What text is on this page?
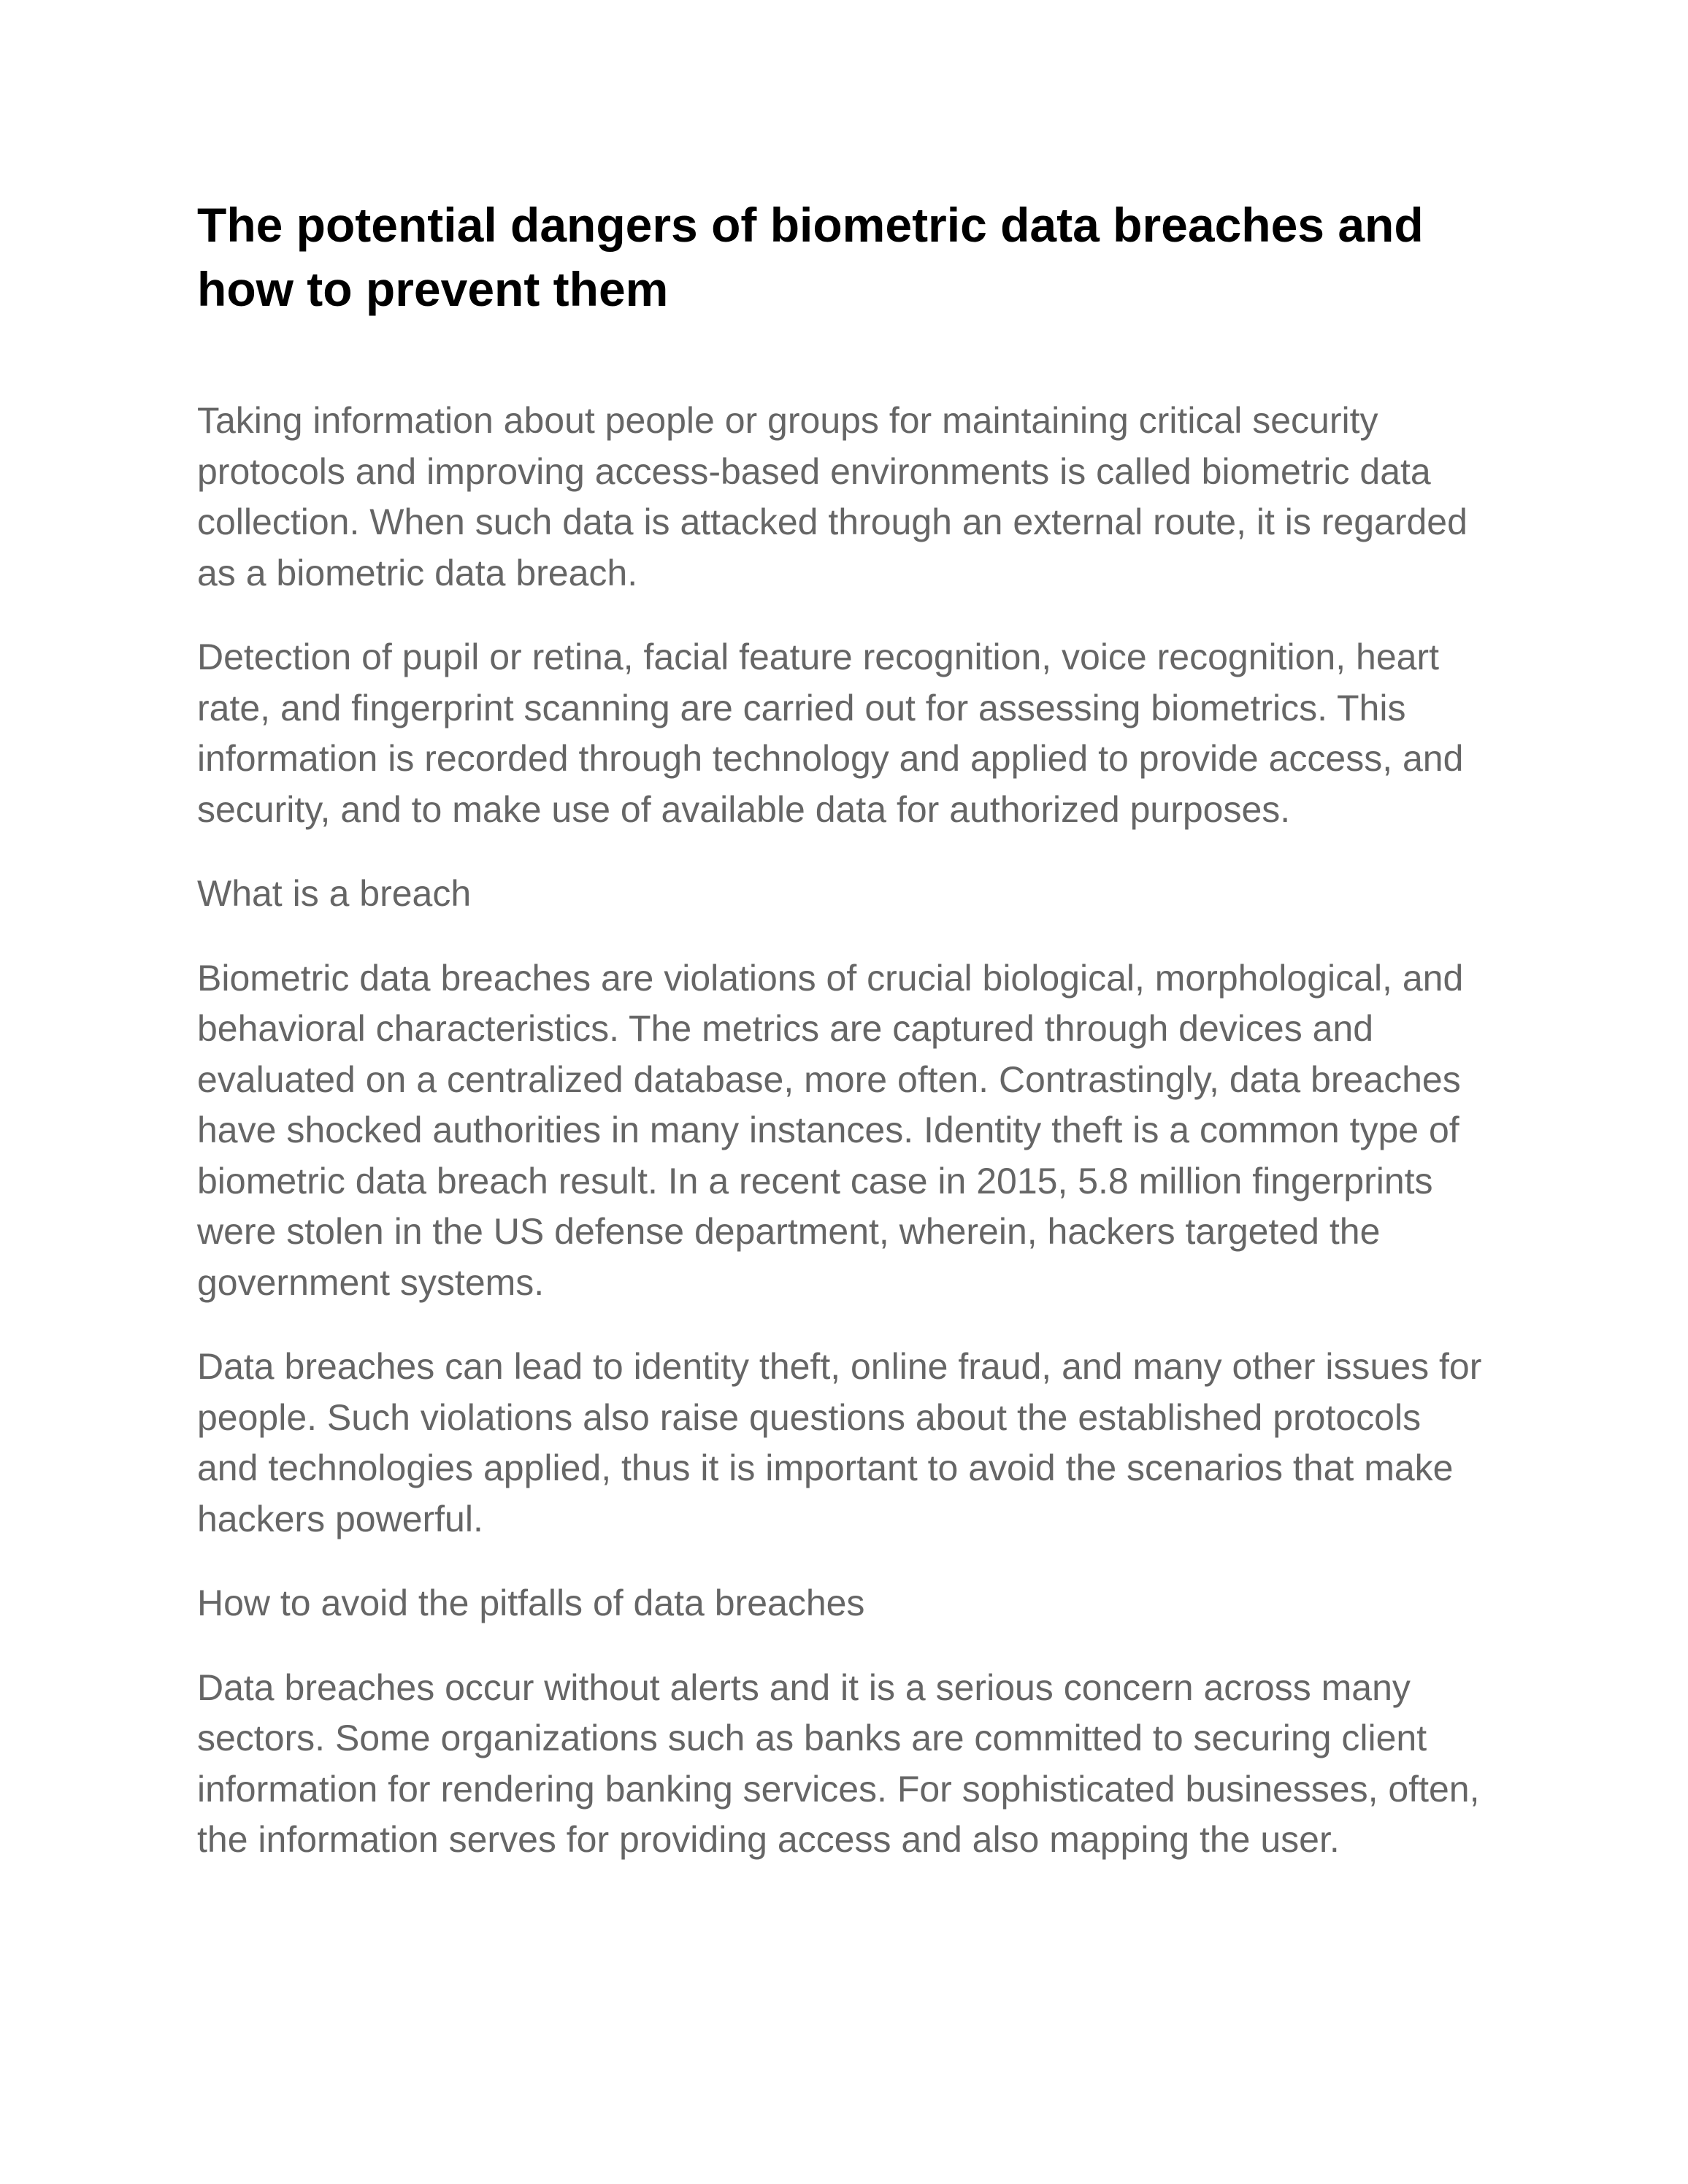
The potential dangers of biometric data breaches and how to prevent them

Taking information about people or groups for maintaining critical security protocols and improving access-based environments is called biometric data collection. When such data is attacked through an external route, it is regarded as a biometric data breach.

Detection of pupil or retina, facial feature recognition, voice recognition, heart rate, and fingerprint scanning are carried out for assessing biometrics. This information is recorded through technology and applied to provide access, and security, and to make use of available data for authorized purposes.

What is a breach

Biometric data breaches are violations of crucial biological, morphological, and behavioral characteristics. The metrics are captured through devices and evaluated on a centralized database, more often. Contrastingly, data breaches have shocked authorities in many instances. Identity theft is a common type of biometric data breach result. In a recent case in 2015, 5.8 million fingerprints were stolen in the US defense department, wherein, hackers targeted the government systems.

Data breaches can lead to identity theft, online fraud, and many other issues for people. Such violations also raise questions about the established protocols and technologies applied, thus it is important to avoid the scenarios that make hackers powerful.

How to avoid the pitfalls of data breaches

Data breaches occur without alerts and it is a serious concern across many sectors. Some organizations such as banks are committed to securing client information for rendering banking services. For sophisticated businesses, often, the information serves for providing access and also mapping the user.
